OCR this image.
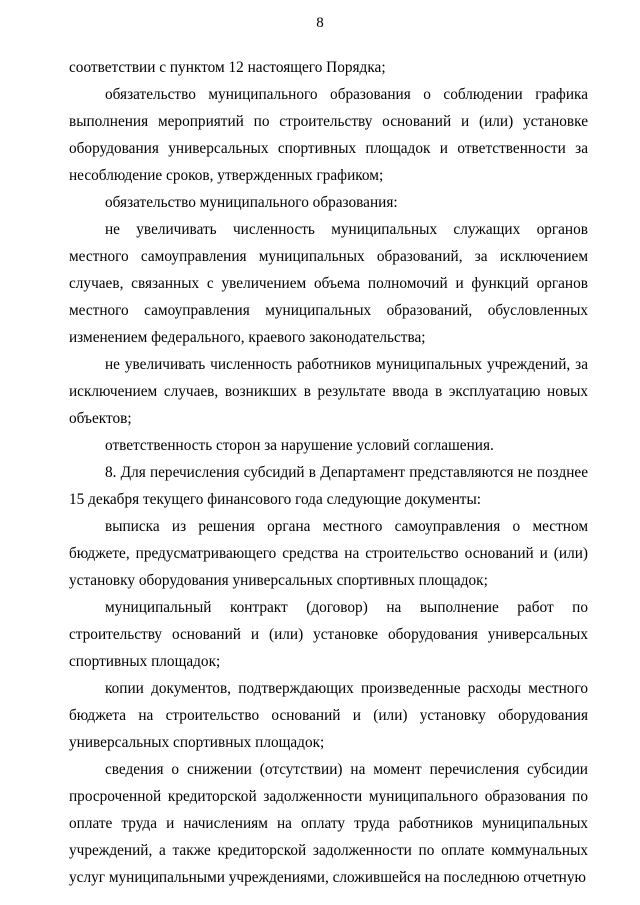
8

соответствии с пунктом 12 настоящего Порядка;

обязательство муниципального образования о соблюдении графика выполнения мероприятий по строительству оснований и (или) установке оборудования универсальных спортивных площадок и ответственности за несоблюдение сроков, утвержденных графиком;

обязательство муниципального образования:

не увеличивать численность муниципальных служащих органов местного самоуправления муниципальных образований, за исключением случаев, связанных с увеличением объема полномочий и функций органов местного самоуправления муниципальных образований, обусловленных изменением федерального, краевого законодательства;

не увеличивать численность работников муниципальных учреждений, за исключением случаев, возникших в результате ввода в эксплуатацию новых объектов;

ответственность сторон за нарушение условий соглашения.

8. Для перечисления субсидий в Департамент представляются не позднее 15 декабря текущего финансового года следующие документы:

выписка из решения органа местного самоуправления о местном бюджете, предусматривающего средства на строительство оснований и (или) установку оборудования универсальных спортивных площадок;

муниципальный контракт (договор) на выполнение работ по строительству оснований и (или) установке оборудования универсальных спортивных площадок;

копии документов, подтверждающих произведенные расходы местного бюджета на строительство оснований и (или) установку оборудования универсальных спортивных площадок;

сведения о снижении (отсутствии) на момент перечисления субсидии просроченной кредиторской задолженности муниципального образования по оплате труда и начислениям на оплату труда работников муниципальных учреждений, а также кредиторской задолженности по оплате коммунальных услуг муниципальными учреждениями, сложившейся на последнюю отчетную
